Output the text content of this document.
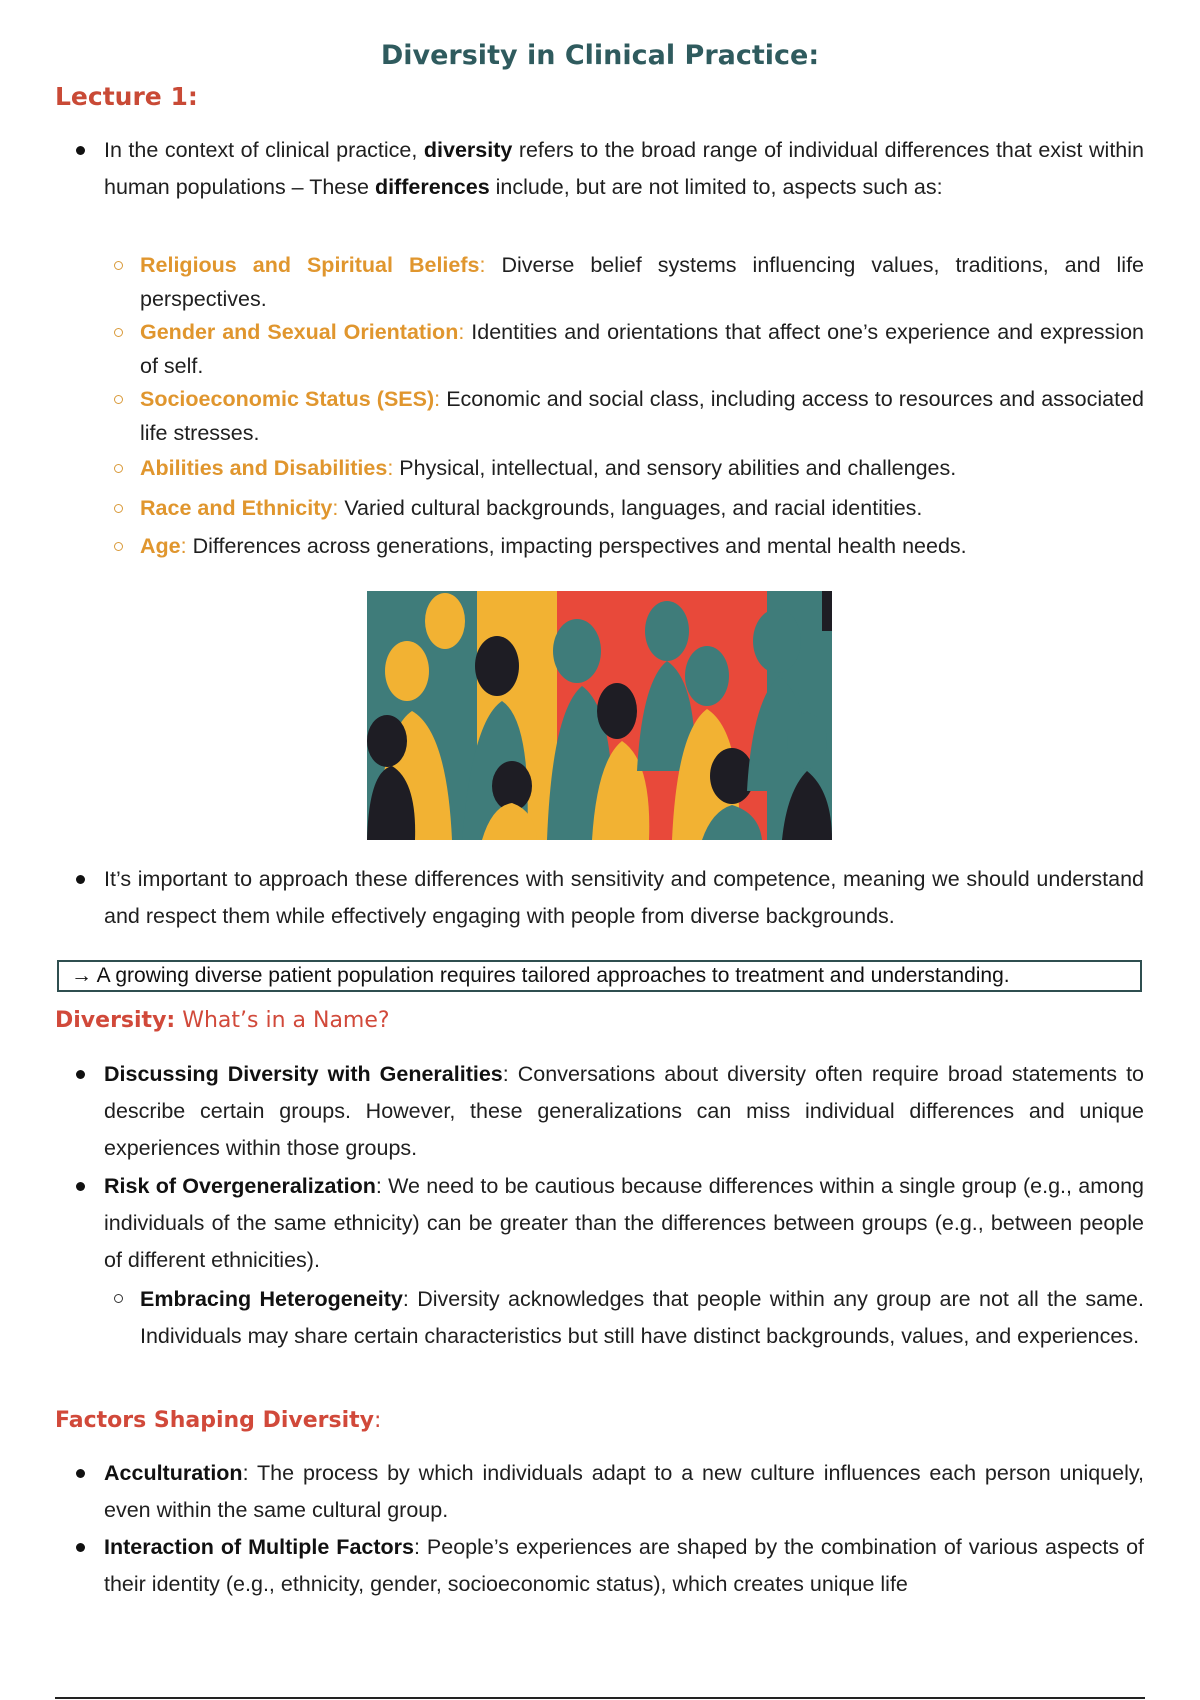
Diversity in Clinical Practice:
Lecture 1:
In the context of clinical practice, diversity refers to the broad range of individual differences that exist within human populations – These differences include, but are not limited to, aspects such as:
Religious and Spiritual Beliefs: Diverse belief systems influencing values, traditions, and life perspectives.
Gender and Sexual Orientation: Identities and orientations that affect one’s experience and expression of self.
Socioeconomic Status (SES): Economic and social class, including access to resources and associated life stresses.
Abilities and Disabilities: Physical, intellectual, and sensory abilities and challenges.
Race and Ethnicity: Varied cultural backgrounds, languages, and racial identities.
Age: Differences across generations, impacting perspectives and mental health needs.
It’s important to approach these differences with sensitivity and competence, meaning we should understand and respect them while effectively engaging with people from diverse backgrounds.
→ A growing diverse patient population requires tailored approaches to treatment and understanding.
Diversity: What’s in a Name?
Discussing Diversity with Generalities: Conversations about diversity often require broad statements to describe certain groups. However, these generalizations can miss individual differences and unique experiences within those groups.
Risk of Overgeneralization: We need to be cautious because differences within a single group (e.g., among individuals of the same ethnicity) can be greater than the differences between groups (e.g., between people of different ethnicities).
Embracing Heterogeneity: Diversity acknowledges that people within any group are not all the same. Individuals may share certain characteristics but still have distinct backgrounds, values, and experiences.
Factors Shaping Diversity:
Acculturation: The process by which individuals adapt to a new culture influences each person uniquely, even within the same cultural group.
Interaction of Multiple Factors: People’s experiences are shaped by the combination of various aspects of their identity (e.g., ethnicity, gender, socioeconomic status), which creates unique life
